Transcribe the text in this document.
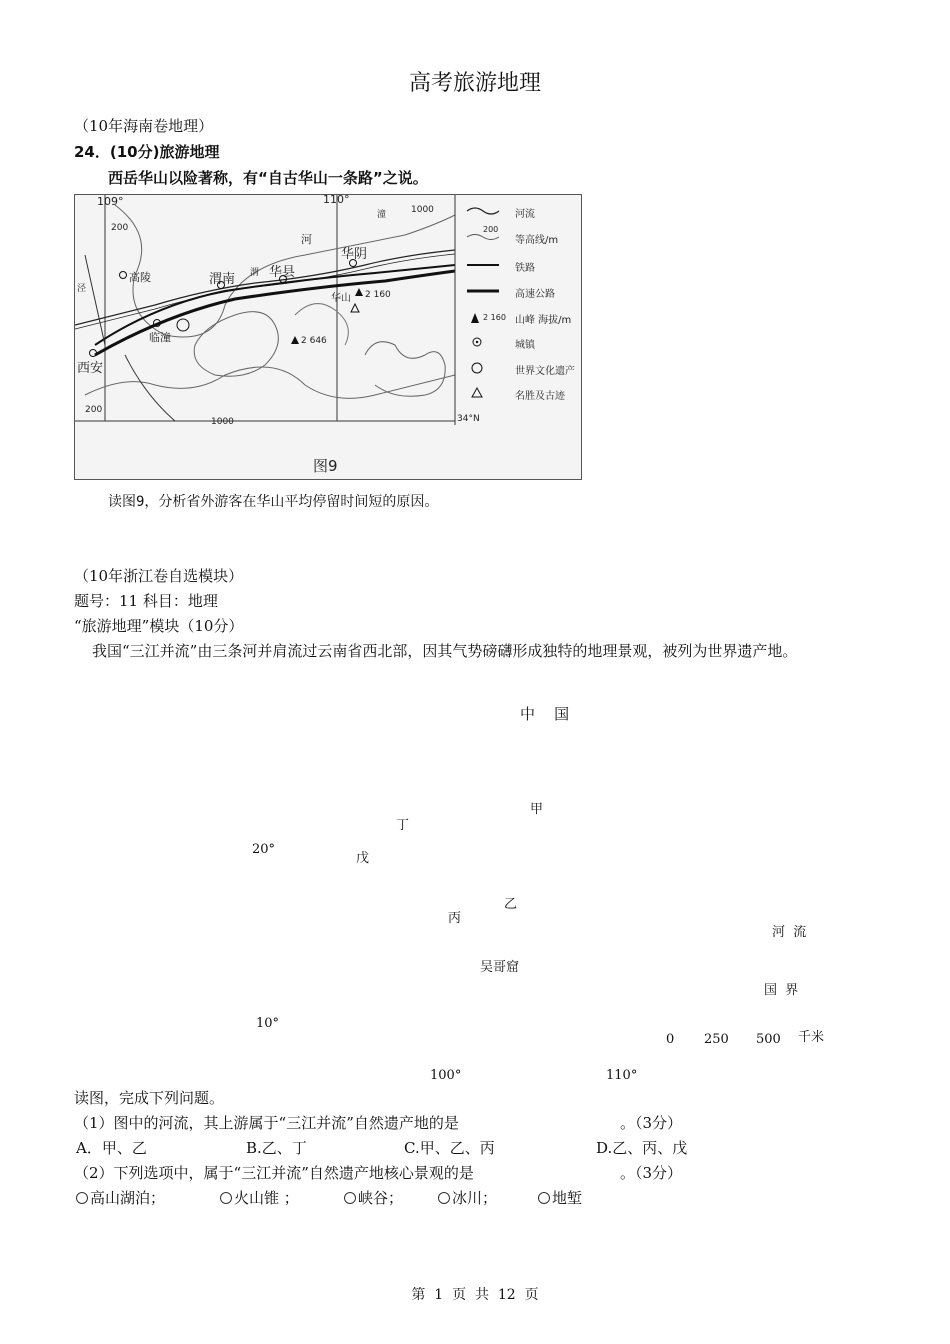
高考旅游地理
（10年海南卷地理）
24．(10分)旅游地理
西岳华山以险著称，有“自古华山一条路”之说。
109°	110°
34°N
高陵	渭南	华县
华阴
临潼
西安
华山
渭
河
泾
潼
2 160
2 646
200
1000
200
1000
河流
200
等高线/m
铁路
高速公路
2 160 山峰 海拔/m
城镇
世界文化遗产
名胜及古迹
图9
读图9，分析省外游客在华山平均停留时间短的原因。
（10年浙江卷自选模块）
题号：11 科目：地理
“旅游地理”模块（10分）
我国“三江并流”由三条河并肩流过云南省西北部，因其气势磅礴形成独特的地理景观，被列为世界遗产地。
中    国
甲
乙
丙
丁
戊
吴哥窟
20°
10°
100°	110°
河  流
国  界
0 250 500 千米
读图，完成下列问题。
（1）图中的河流，其上游属于“三江并流”自然遗产地的是	。（3分）
A．甲、乙	B.乙、丁	C.甲、乙、丙	D.乙、丙、戊
（2）下列选项中，属于“三江并流”自然遗产地核心景观的是	。（3分）
高山湖泊；	火山锥 ；	峡谷；	冰川；	地堑
第  1  页  共  12  页
